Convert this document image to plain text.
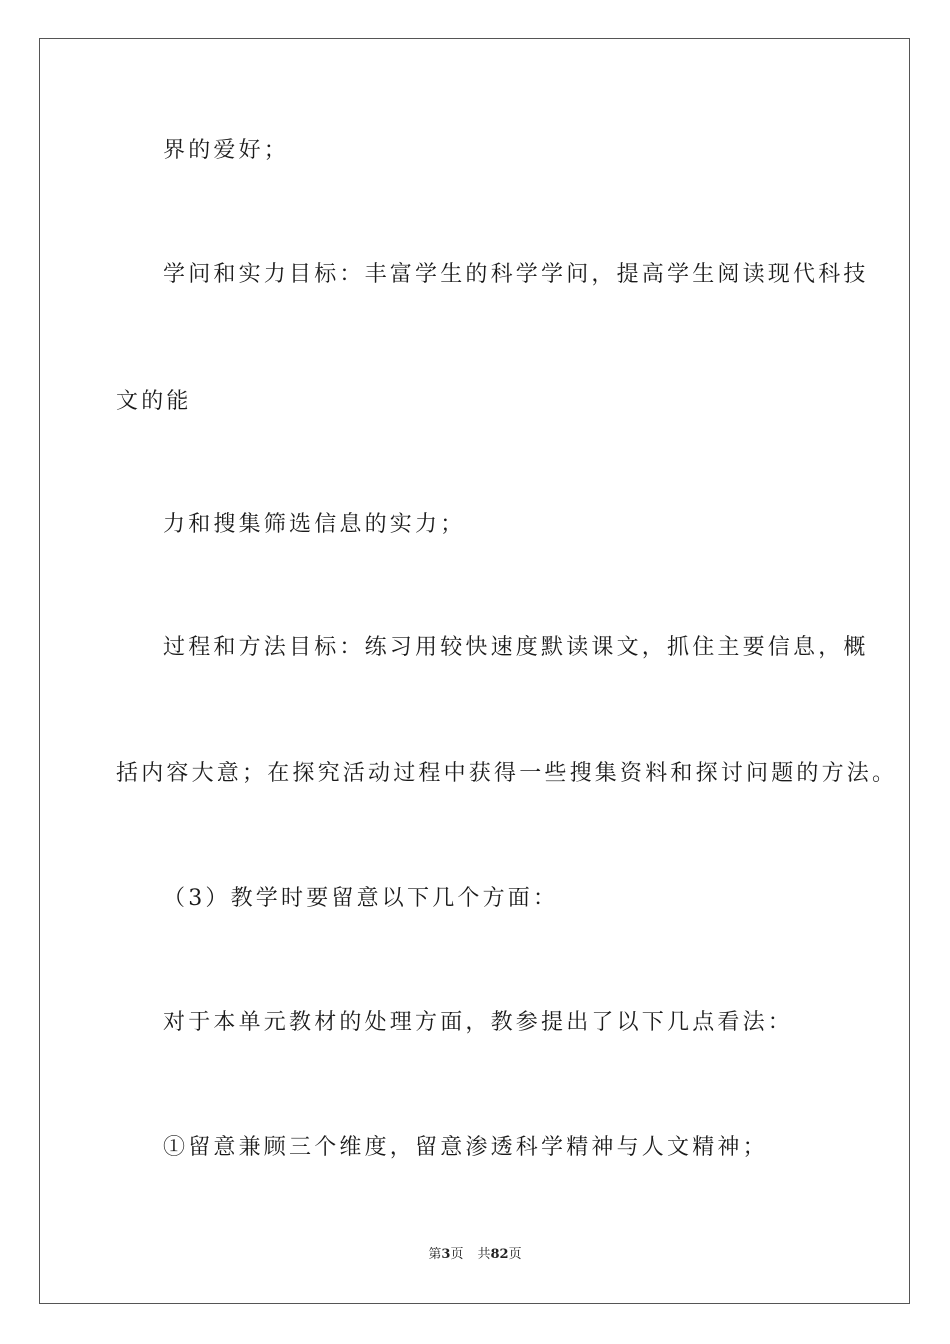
界的爱好；
学问和实力目标：丰富学生的科学学问，提高学生阅读现代科技
文的能
力和搜集筛选信息的实力；
过程和方法目标：练习用较快速度默读课文，抓住主要信息，概
括内容大意；在探究活动过程中获得一些搜集资料和探讨问题的方法。
（3）教学时要留意以下几个方面：
对于本单元教材的处理方面，教参提出了以下几点看法：
①留意兼顾三个维度，留意渗透科学精神与人文精神；
第3页 共82页
